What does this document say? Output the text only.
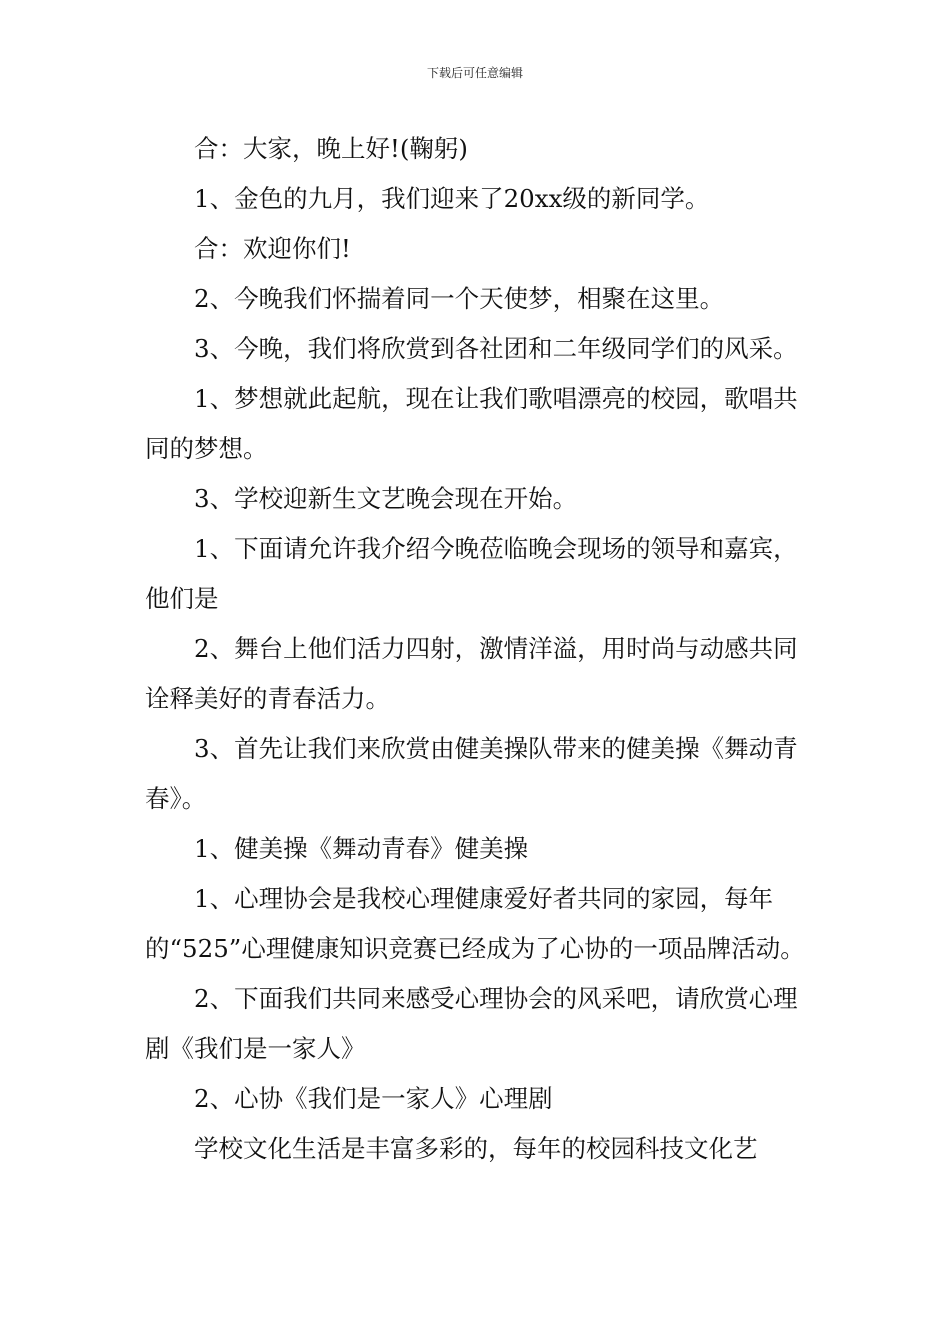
下载后可任意编辑

合：大家，晚上好!(鞠躬)

1、金色的九月，我们迎来了20xx级的新同学。

合：欢迎你们!

2、今晚我们怀揣着同一个天使梦，相聚在这里。

3、今晚，我们将欣赏到各社团和二年级同学们的风采。

1、梦想就此起航，现在让我们歌唱漂亮的校园，歌唱共同的梦想。

3、学校迎新生文艺晚会现在开始。

1、下面请允许我介绍今晚莅临晚会现场的领导和嘉宾，他们是

2、舞台上他们活力四射，激情洋溢，用时尚与动感共同诠释美好的青春活力。

3、首先让我们来欣赏由健美操队带来的健美操《舞动青春》。

1、健美操《舞动青春》健美操

1、心理协会是我校心理健康爱好者共同的家园，每年的“525”心理健康知识竞赛已经成为了心协的一项品牌活动。

2、下面我们共同来感受心理协会的风采吧，请欣赏心理剧《我们是一家人》

2、心协《我们是一家人》心理剧

学校文化生活是丰富多彩的，每年的校园科技文化艺
